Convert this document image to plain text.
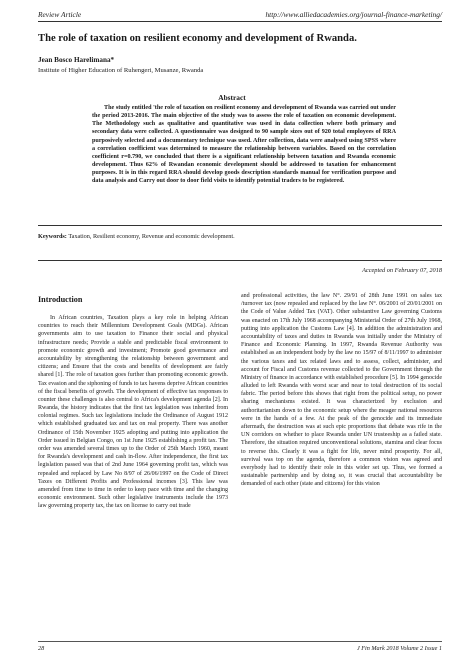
Review Article	http://www.alliedacademies.org/journal-finance-marketing/
The role of taxation on resilient economy and development of Rwanda.
Jean Bosco Harelimana*
Institute of Higher Education of Ruhengeri, Musanze, Rwanda
Abstract

The study entitled 'the role of taxation on resilient economy and development of Rwanda was carried out under the period 2013-2016. The main objective of the study was to assess the role of taxation on economic development. The Methodology such as qualitative and quantitative was used in data collection where both primary and secondary data were collected. A questionnaire was designed to 90 sample sizes out of 920 total employees of RRA purposively selected and a documentary technique was used. After collection, data were analysed using SPSS where a correlation coefficient was determined to measure the relationship between variables. Based on the correlation coefficient r=0.790, we concluded that there is a significant relationship between taxation and Rwanda economic development. Thus 62% of Rwandan economic development should be addressed to taxation for enhancement purposes. It is in this regard RRA should develop goods description standards manual for verification purpose and data analysis and Carry out door to door field visits to identify potential traders to be registered.

Keywords: Taxation, Resilient economy, Revenue and economic development.
Accepted on February 07, 2018
Introduction

In African countries, Taxation plays a key role in helping African countries to reach their Millennium Development Goals (MDGs). African governments aim to use taxation to Finance their social and physical infrastructure needs; Provide a stable and predictable fiscal environment to promote economic growth and investment; Promote good governance and accountability by strengthening the relationship between government and citizens; and Ensure that the costs and benefits of development are fairly shared [1]. The role of taxation goes further than promoting economic growth. Tax evasion and the siphoning of funds to tax havens deprive African countries of the fiscal benefits of growth. The development of effective tax responses to counter these challenges is also central to Africa's development agenda [2]. In Rwanda, the history indicates that the first tax legislation was inherited from colonial regimes. Such tax legislations include the Ordinance of August 1912 which established graduated tax and tax on real property. There was another Ordinance of 15th November 1925 adopting and putting into application the Order issued in Belgian Congo, on 1st June 1925 establishing a profit tax. The order was amended several times up to the Order of 25th March 1960, meant for Rwanda's development and cash in-flow. After independence, the first tax legislation passed was that of 2nd June 1964 governing profit tax, which was repealed and replaced by Law No 8/97 of 26/06/1997 on the Code of Direct Taxes on Different Profits and Professional incomes [3]. This law was amended from time to time in order to keep pace with time and the changing economic environment. Such other legislative instruments include the 1973 law governing property tax, the tax on license to carry out trade

and professional activities, the law N°. 29/91 of 28th June 1991 on sales tax /turnover tax (now repealed and replaced by the law N°. 06/2001 of 20/01/2001 on the Code of Value Added Tax (VAT). Other substantive Law governing Customs was enacted on 17th July 1968 accompanying Ministerial Order of 27th July 1968, putting into application the Customs Law [4]. In addition the administration and accountability of taxes and duties in Rwanda was initially under the Ministry of Finance and Economic Planning. In 1997, Rwanda Revenue Authority was established as an independent body by the law no 15/97 of 8/11/1997 to administer the various taxes and tax related laws and to assess, collect, administer, and account for Fiscal and Customs revenue collected to the Government through the Ministry of finance in accordance with established procedure [5]. In 1994 genocide alluded to left Rwanda with worst scar and near to total destruction of its social fabric. The period before this shows that right from the political setup, no power sharing mechanisms existed. It was characterized by exclusion and authoritarianism down to the economic setup where the meager national resources were in the hands of a few. At the peak of the genocide and its immediate aftermath, the destruction was at such epic proportions that debate was rife in the UN corridors on whether to place Rwanda under UN trusteeship as a failed state. Therefore, the situation required unconventional solutions, stamina and clear focus to reverse this. Clearly it was a fight for life, never mind prosperity. For all, survival was top on the agenda, therefore a common vision was agreed and everybody had to identify their role in this wider set up. Thus, we formed a sustainable partnership and by doing so, it was crucial that accountability be demanded of each other (state and citizens) for this vision

28	J Fin Mark 2018 Volume 2 Issue 1
